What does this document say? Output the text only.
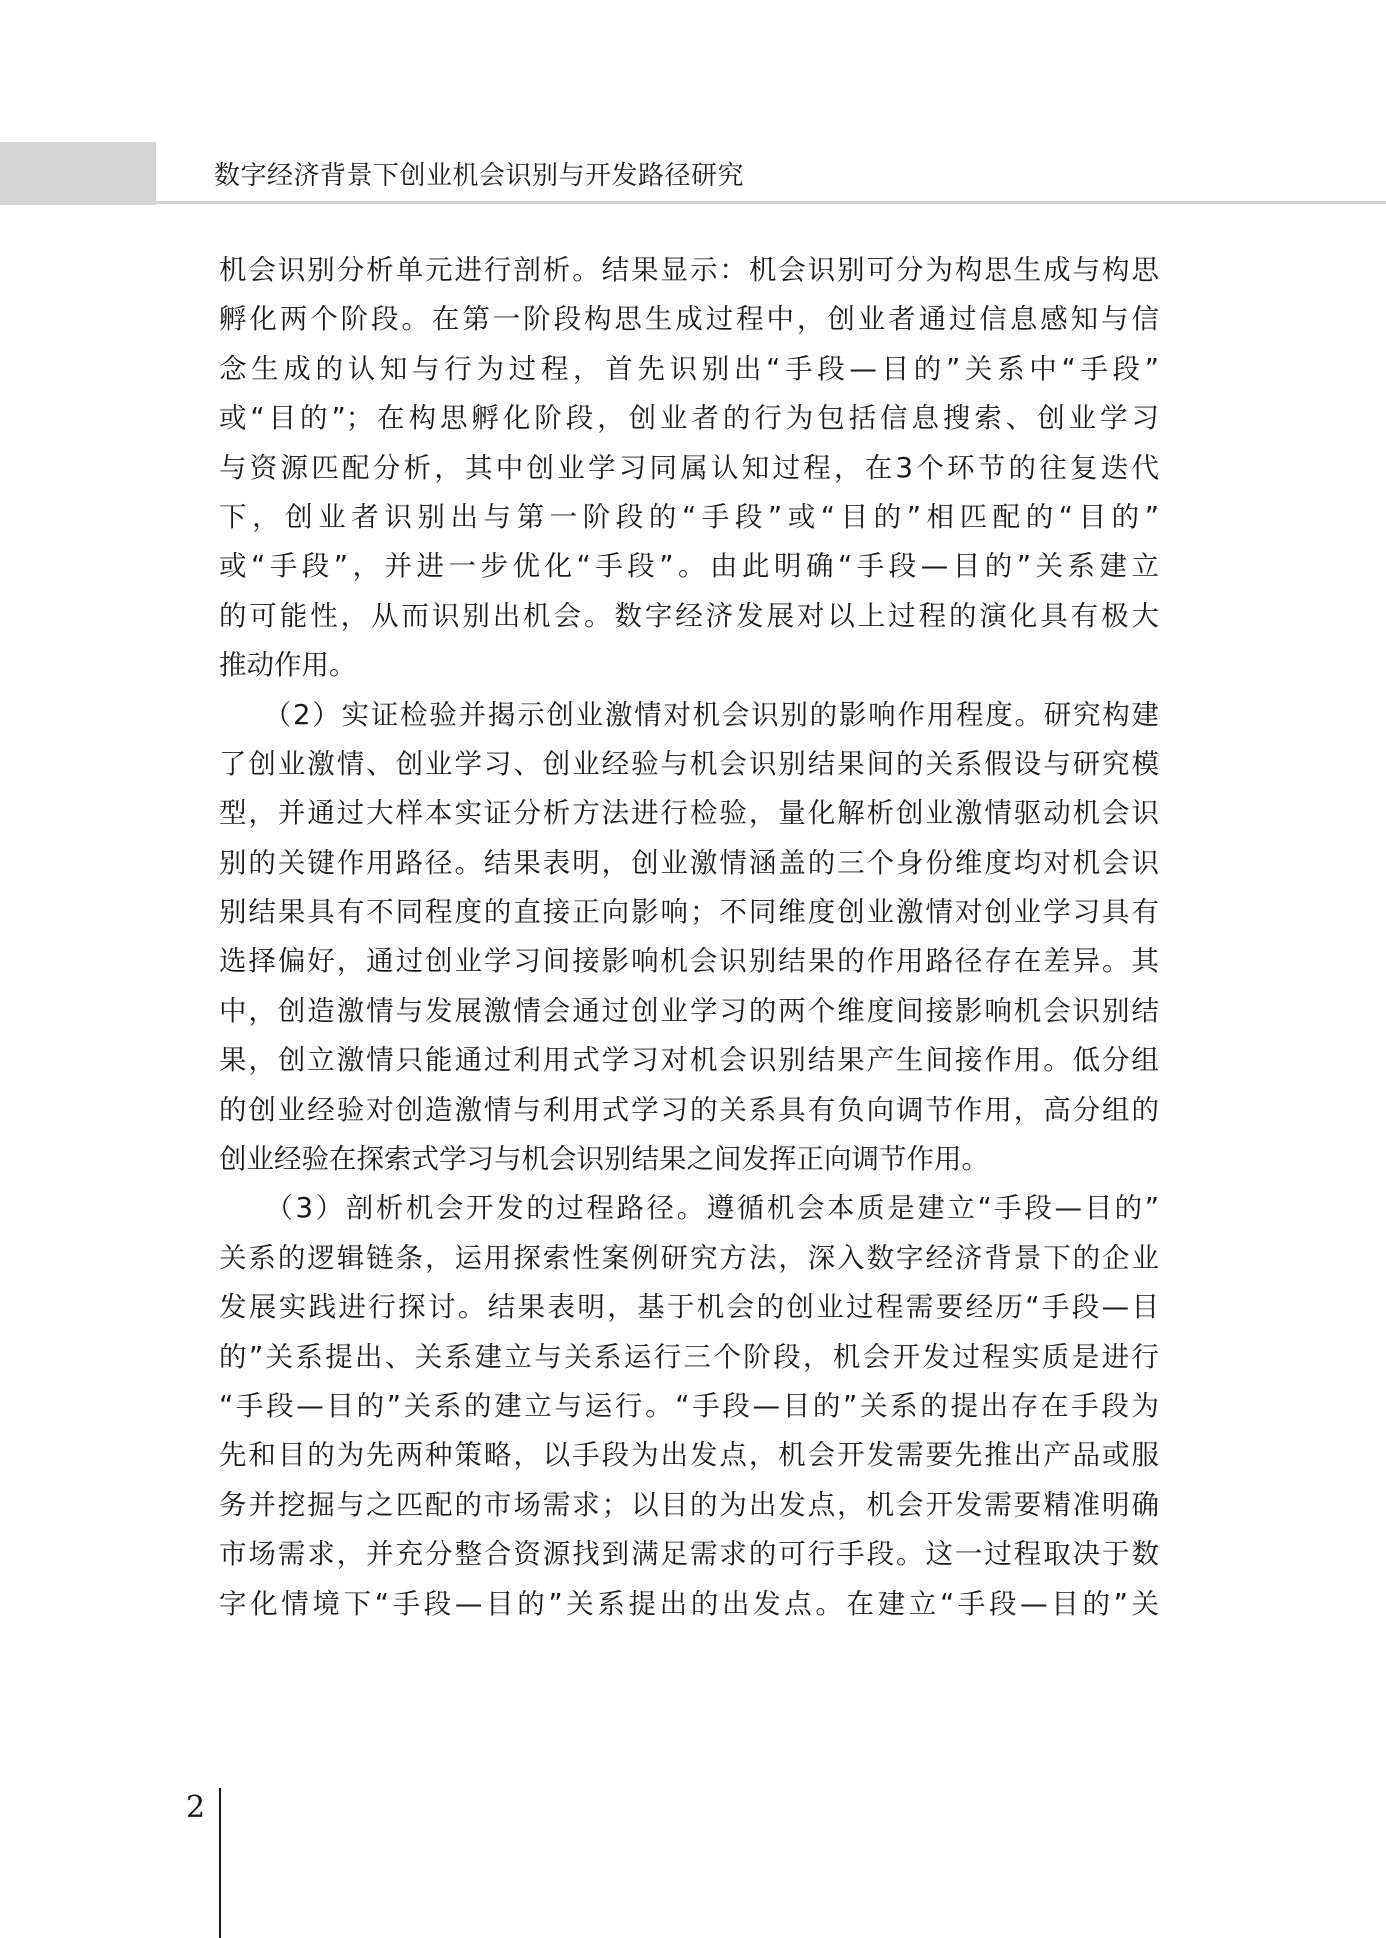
数字经济背景下创业机会识别与开发路径研究
机会识别分析单元进行剖析。结果显示：机会识别可分为构思生成与构思
孵化两个阶段。在第一阶段构思生成过程中，创业者通过信息感知与信
念生成的认知与行为过程，首先识别出“手段—目的”关系中“手段”
或“目的”；在构思孵化阶段，创业者的行为包括信息搜索、创业学习
与资源匹配分析，其中创业学习同属认知过程，在3个环节的往复迭代
下，创业者识别出与第一阶段的“手段”或“目的”相匹配的“目的”
或“手段”，并进一步优化“手段”。由此明确“手段—目的”关系建立
的可能性，从而识别出机会。数字经济发展对以上过程的演化具有极大
推动作用。
　　（2）实证检验并揭示创业激情对机会识别的影响作用程度。研究构建
了创业激情、创业学习、创业经验与机会识别结果间的关系假设与研究模
型，并通过大样本实证分析方法进行检验，量化解析创业激情驱动机会识
别的关键作用路径。结果表明，创业激情涵盖的三个身份维度均对机会识
别结果具有不同程度的直接正向影响；不同维度创业激情对创业学习具有
选择偏好，通过创业学习间接影响机会识别结果的作用路径存在差异。其
中，创造激情与发展激情会通过创业学习的两个维度间接影响机会识别结
果，创立激情只能通过利用式学习对机会识别结果产生间接作用。低分组
的创业经验对创造激情与利用式学习的关系具有负向调节作用，高分组的
创业经验在探索式学习与机会识别结果之间发挥正向调节作用。
　　（3）剖析机会开发的过程路径。遵循机会本质是建立“手段—目的”
关系的逻辑链条，运用探索性案例研究方法，深入数字经济背景下的企业
发展实践进行探讨。结果表明，基于机会的创业过程需要经历“手段—目
的”关系提出、关系建立与关系运行三个阶段，机会开发过程实质是进行
“手段—目的”关系的建立与运行。“手段—目的”关系的提出存在手段为
先和目的为先两种策略，以手段为出发点，机会开发需要先推出产品或服
务并挖掘与之匹配的市场需求；以目的为出发点，机会开发需要精准明确
市场需求，并充分整合资源找到满足需求的可行手段。这一过程取决于数
字化情境下“手段—目的”关系提出的出发点。在建立“手段—目的”关
2
